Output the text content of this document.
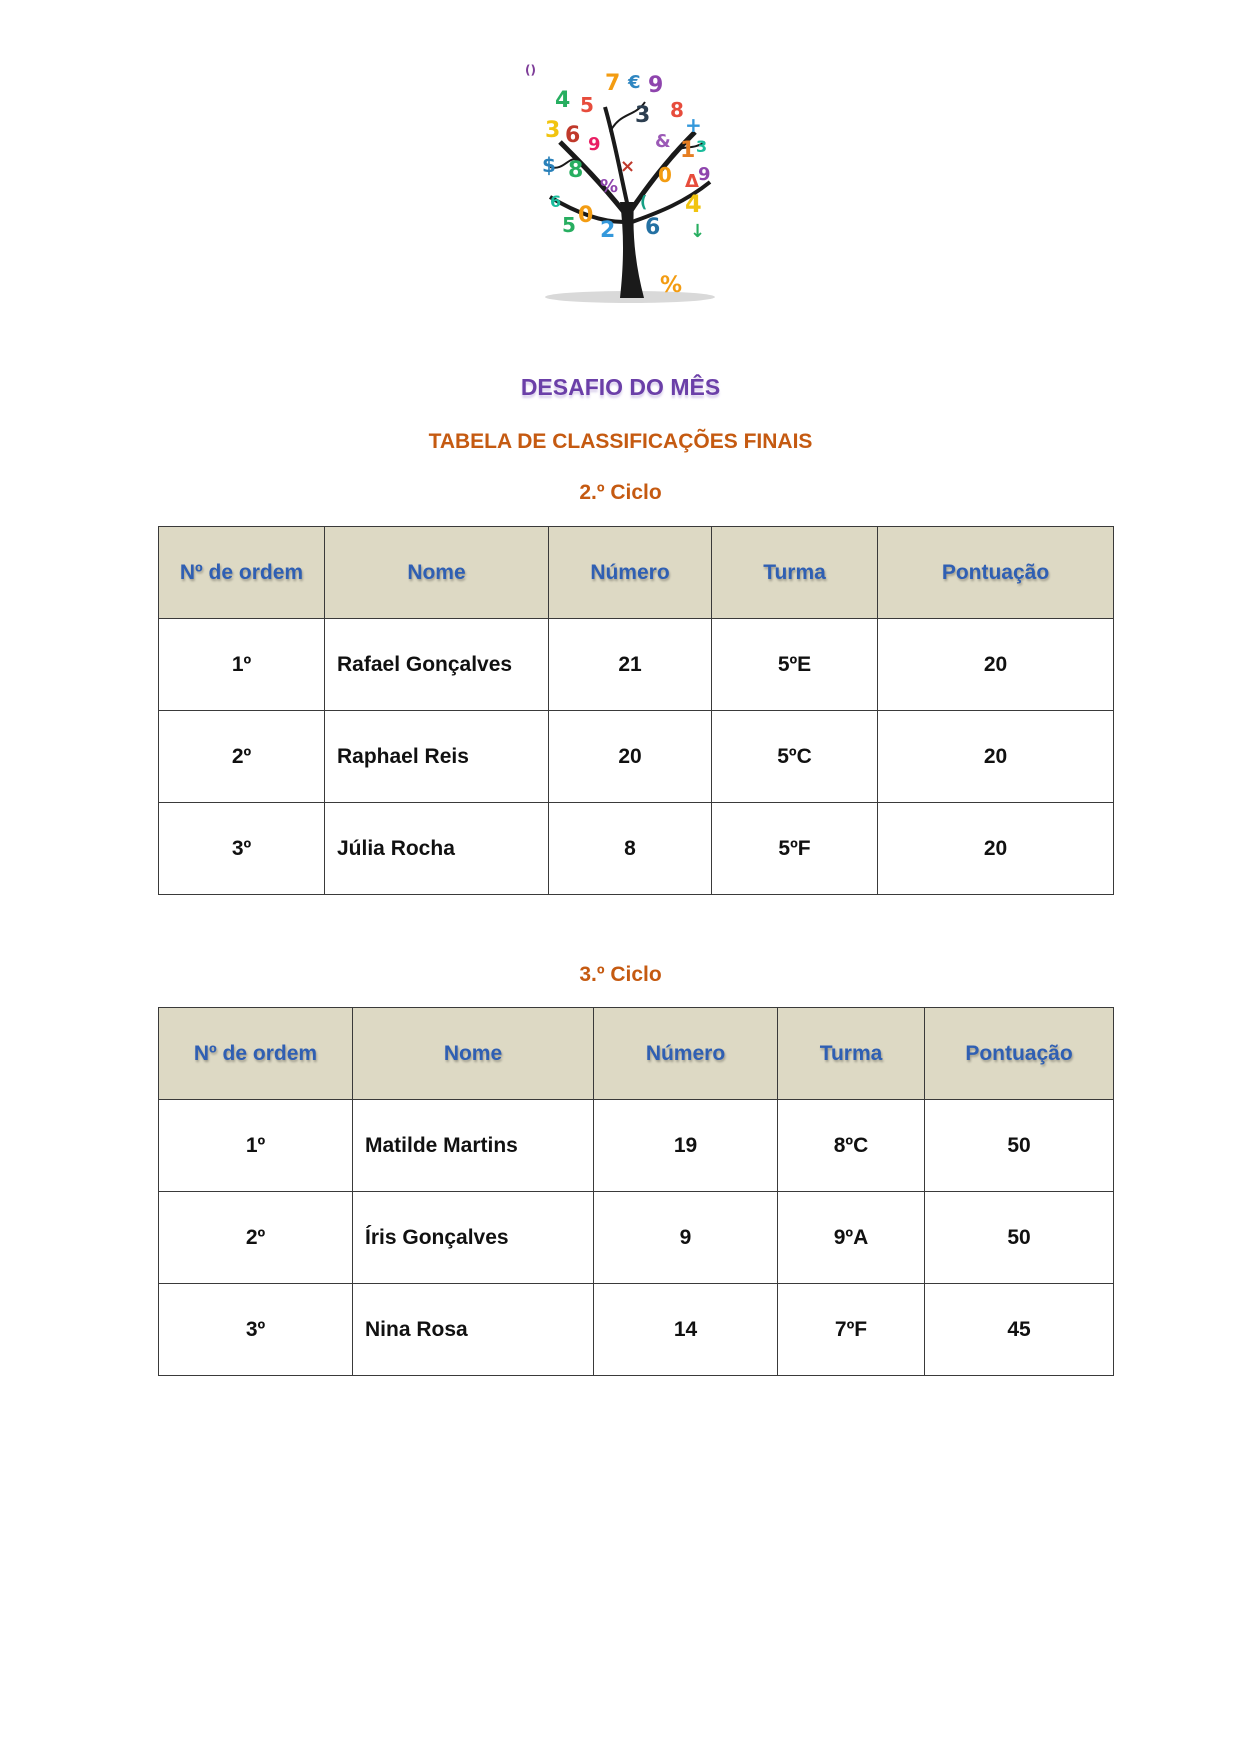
7 € 9
5
4
3 6 9
3 8
+
& 1 3
$ 8	0 Δ 9
4
6
5 0
2 6
×
%
(
↓
%
()
DESAFIO DO MÊS
TABELA DE CLASSIFICAÇÕES FINAIS
2.º Ciclo
Nº de ordem	Nome	Número	Turma	Pontuação
1º	Rafael Gonçalves	21	5ºE	20
2º	Raphael Reis	20	5ºC	20
3º	Júlia Rocha	8	5ºF	20
3.º Ciclo
Nº de ordem	Nome	Número	Turma	Pontuação
1º	Matilde Martins	19	8ºC	50
2º	Íris Gonçalves	9	9ºA	50
3º	Nina Rosa	14	7ºF	45
